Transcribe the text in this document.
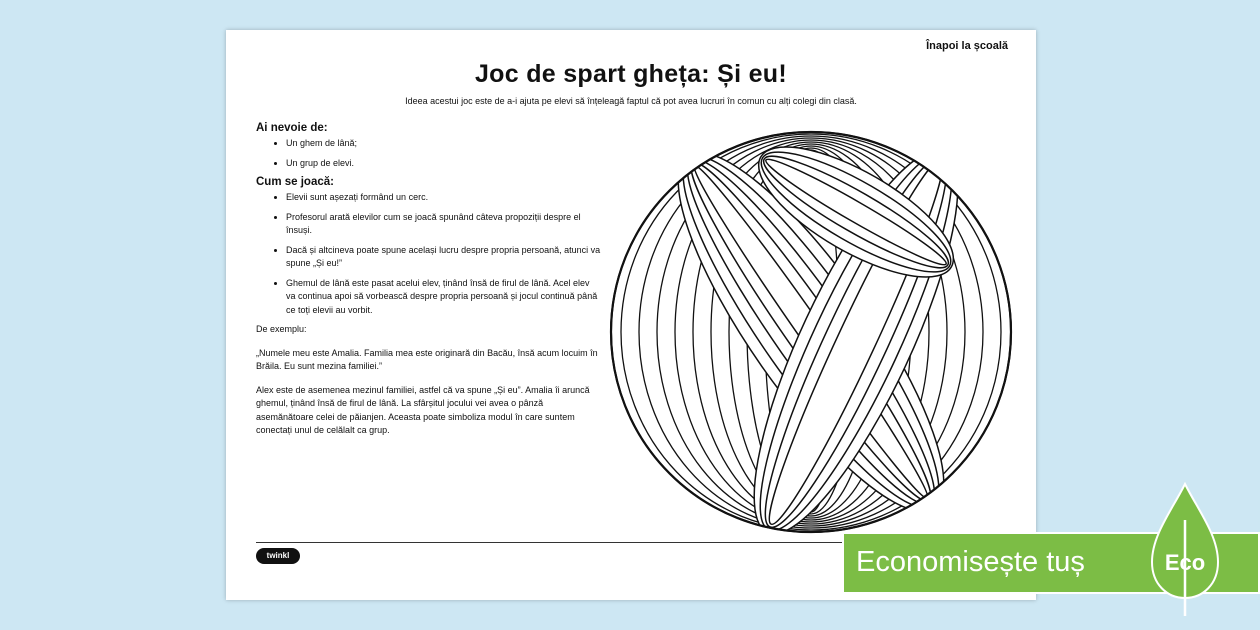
Înapoi la școală
Joc de spart gheța: Și eu!
Ideea acestui joc este de a-i ajuta pe elevi să înțeleagă faptul că pot avea lucruri în comun cu alți colegi din clasă.
Ai nevoie de:
• Un ghem de lână;
• Un grup de elevi.
Cum se joacă:
• Elevii sunt așezați formând un cerc.
• Profesorul arată elevilor cum se joacă spunând câteva propoziții despre el însuși.
• Dacă și altcineva poate spune același lucru despre propria persoană, atunci va spune „Și eu!”
• Ghemul de lână este pasat acelui elev, ținând însă de firul de lână. Acel elev va continua apoi să vorbească despre propria persoană și jocul continuă până ce toți elevii au vorbit.

De exemplu:

„Numele meu este Amalia. Familia mea este originară din Bacău, însă acum locuim în Brăila. Eu sunt mezina familiei.”

Alex este de asemenea mezinul familiei, astfel că va spune „Și eu”. Amalia îi aruncă ghemul, ținând însă de firul de lână. La sfârșitul jocului vei avea o pânză asemănătoare celei de păianjen. Aceasta poate simboliza modul în care suntem conectați unul de celălalt ca grup.

twinkl	Economisește tuș	Eco
